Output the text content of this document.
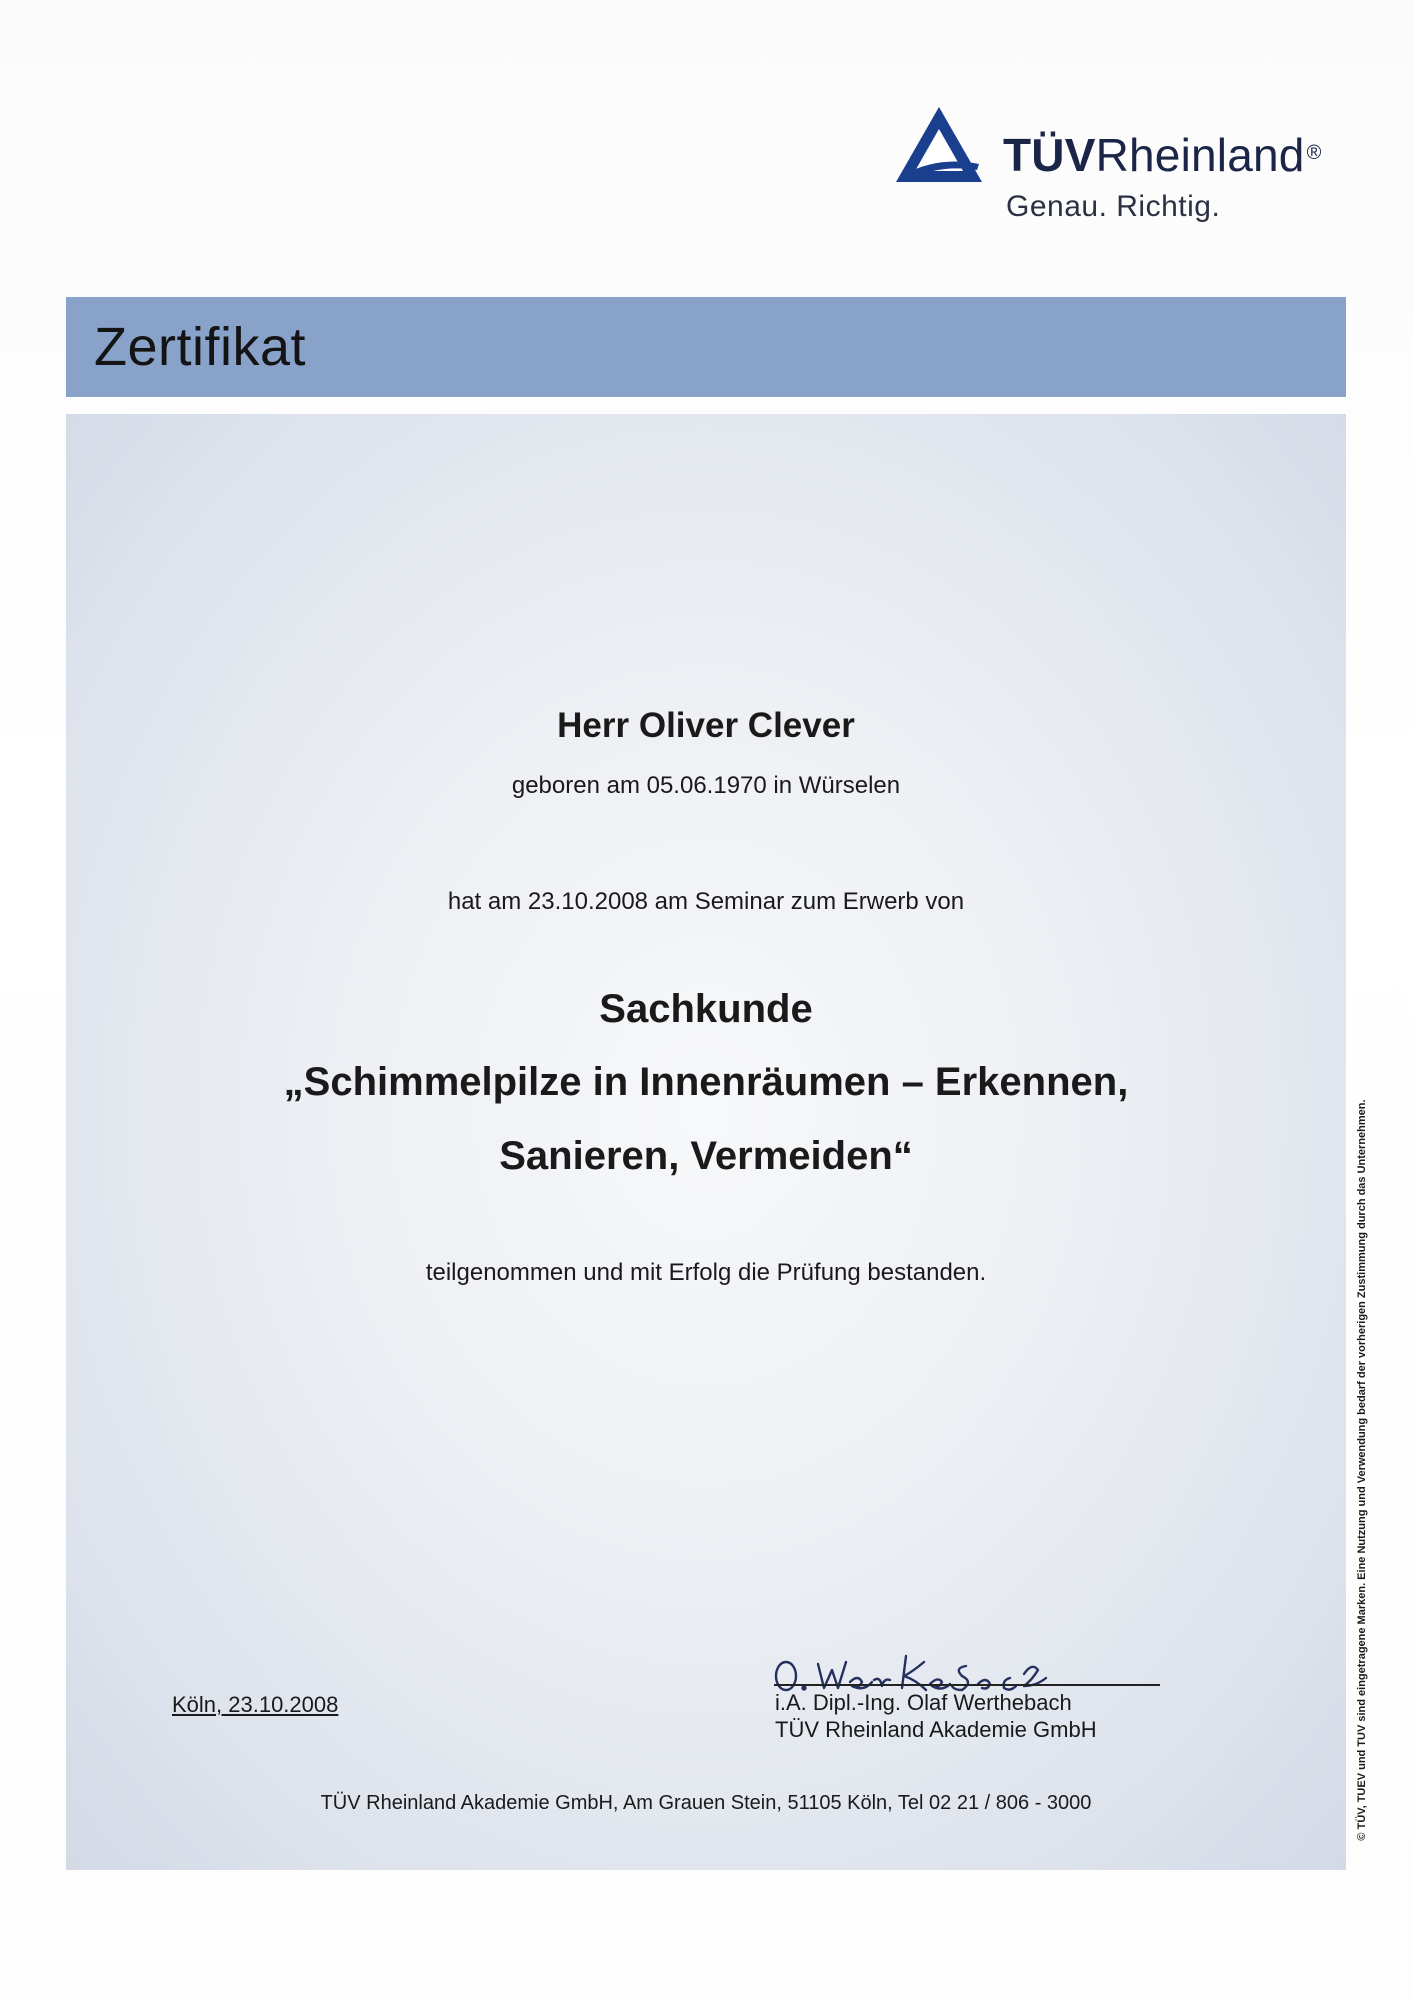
TÜVRheinland ®
Genau. Richtig.
Zertifikat
Herr Oliver Clever
geboren am 05.06.1970 in Würselen
hat am 23.10.2008 am Seminar zum Erwerb von
Sachkunde
„Schimmelpilze in Innenräumen – Erkennen,
Sanieren, Vermeiden“
teilgenommen und mit Erfolg die Prüfung bestanden.
Köln, 23.10.2008	i.A. Dipl.-Ing. Olaf Werthebach
TÜV Rheinland Akademie GmbH
TÜV Rheinland Akademie GmbH, Am Grauen Stein, 51105 Köln, Tel 02 21 / 806 - 3000	© TÜV, TUEV und TUV sind eingetragene Marken. Eine Nutzung und Verwendung bedarf der vorherigen Zustimmung durch das Unternehmen.
